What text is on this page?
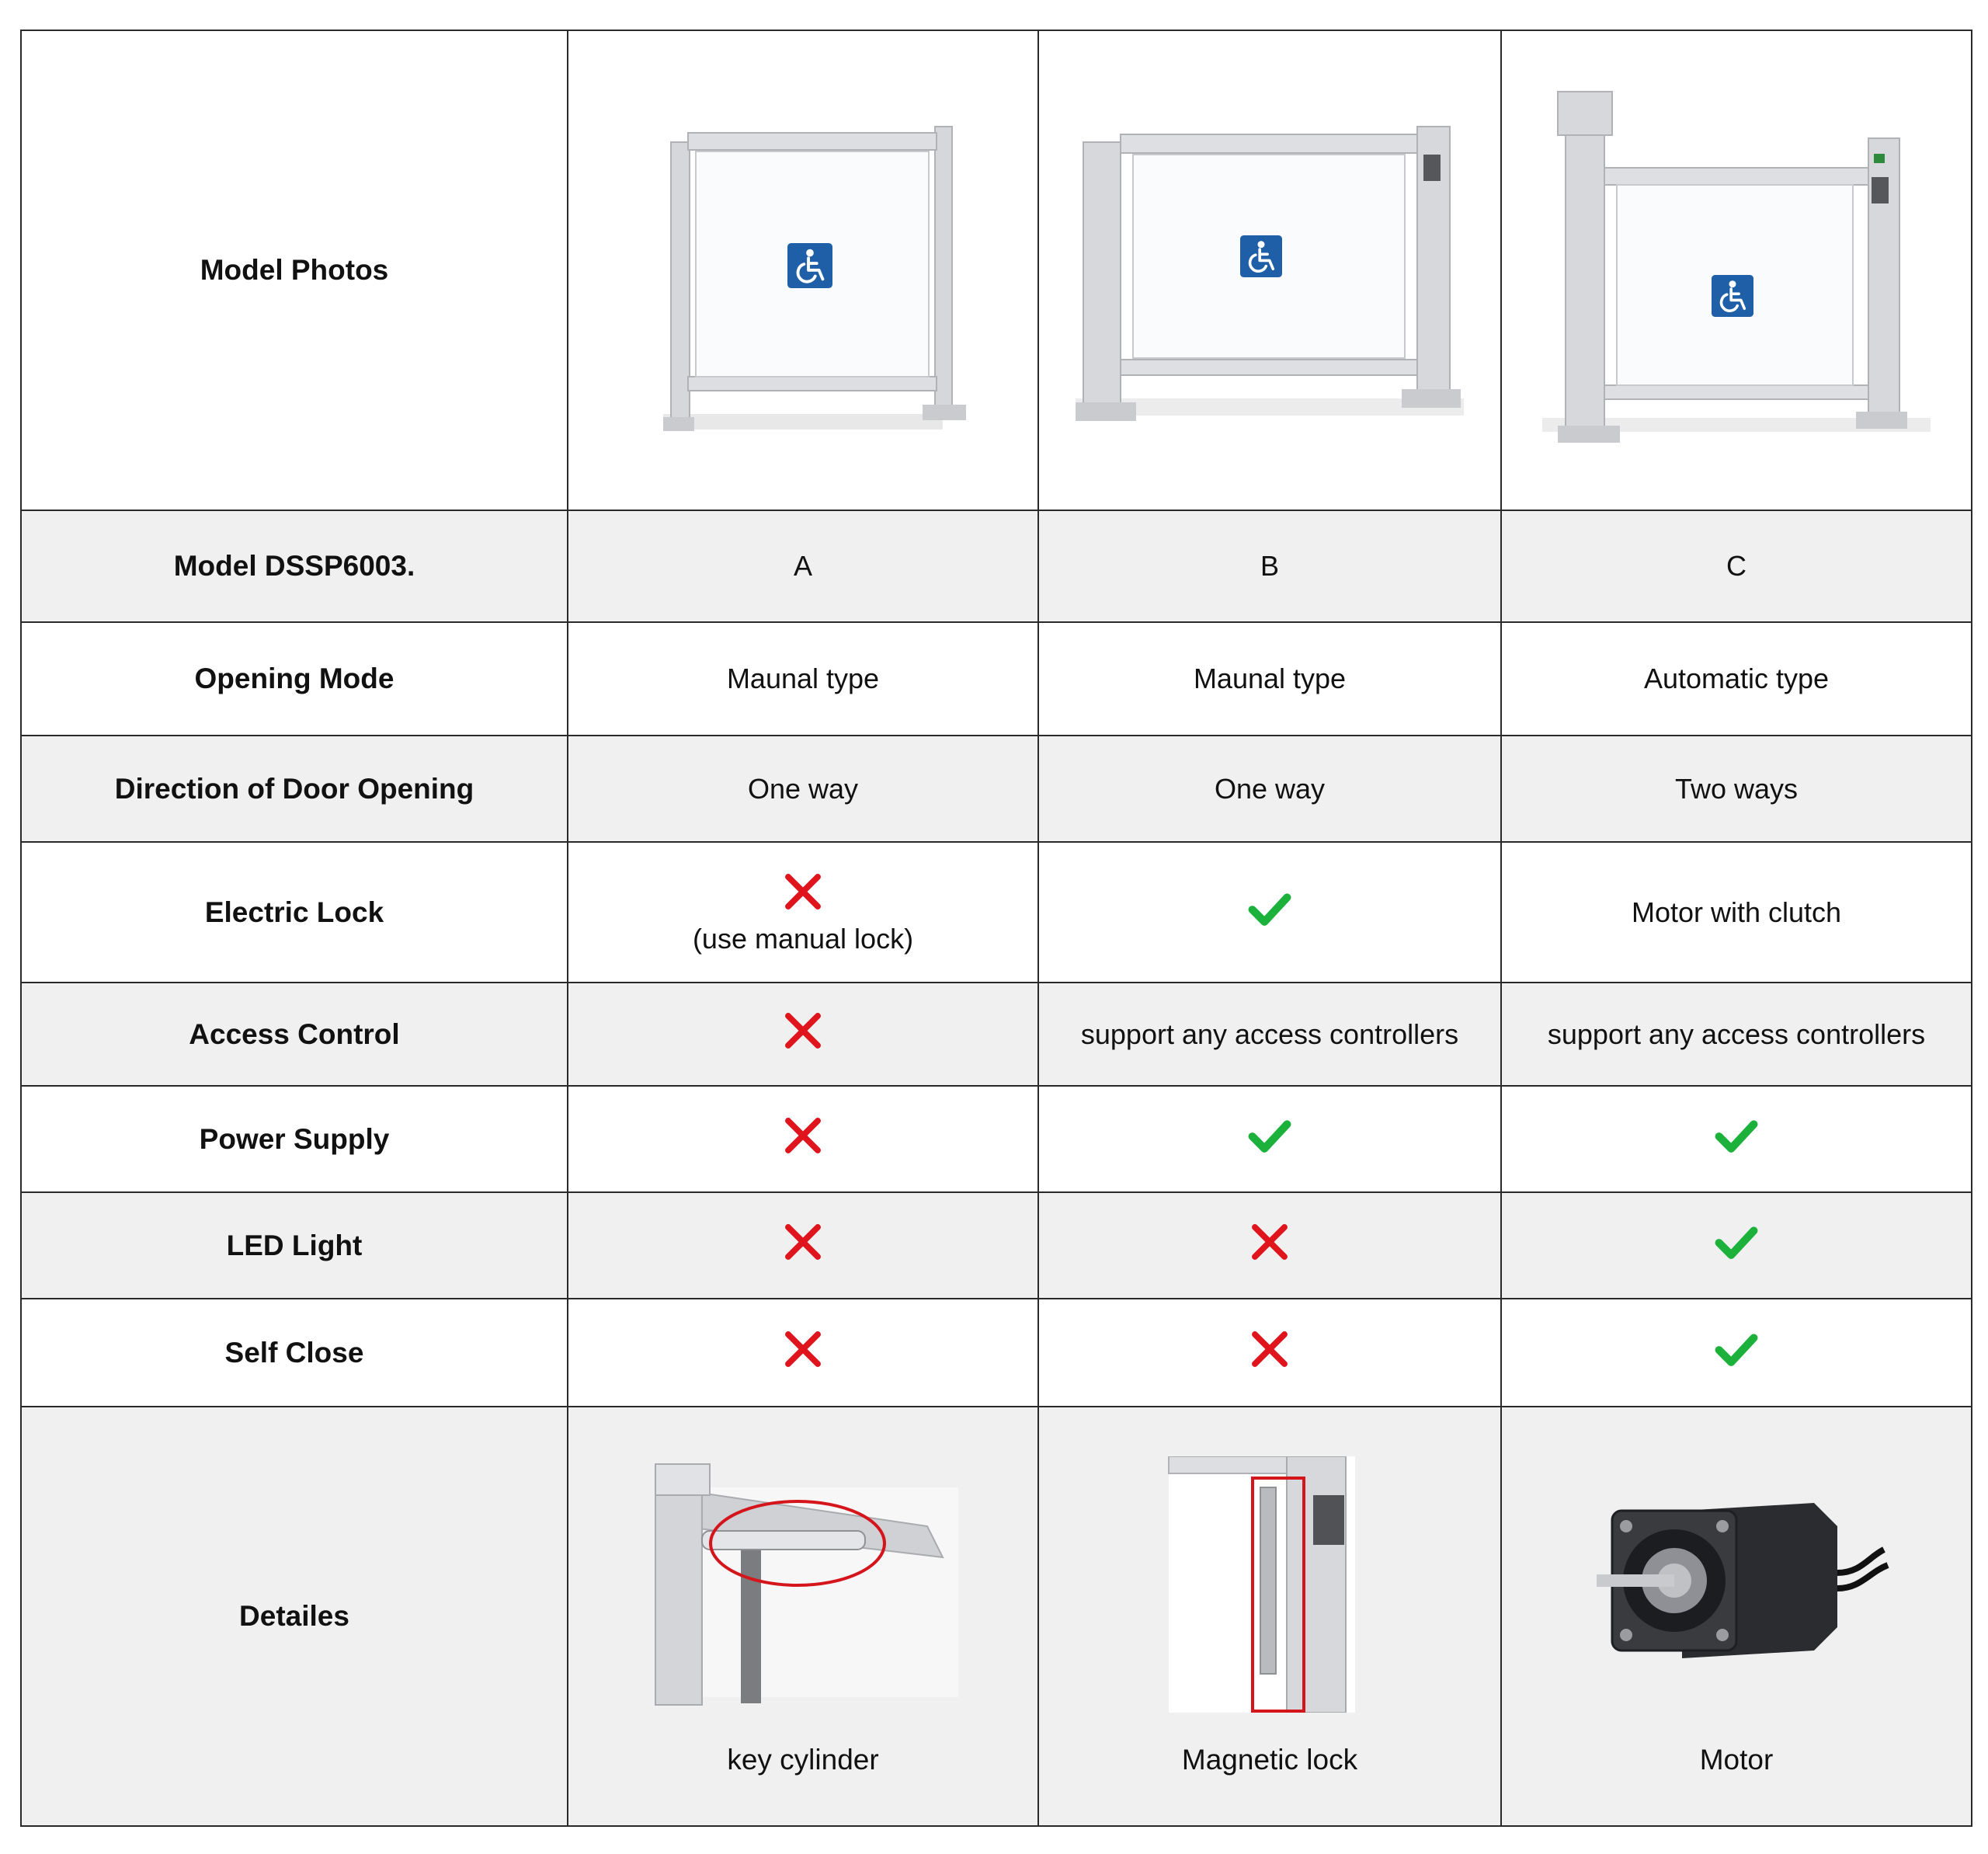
Model Photos	

Model DSSP6003.	A	B	C
Opening Mode	Maunal type	Maunal type	Automatic type
Direction of Door Opening	One way	One way	Two ways
Electric Lock	(use manual lock)		Motor with clutch
Access Control		support any access controllers	support any access controllers
Power Supply	

LED Light	

Self Close	

Detailes	key cylinder	Magnetic lock	Motor
